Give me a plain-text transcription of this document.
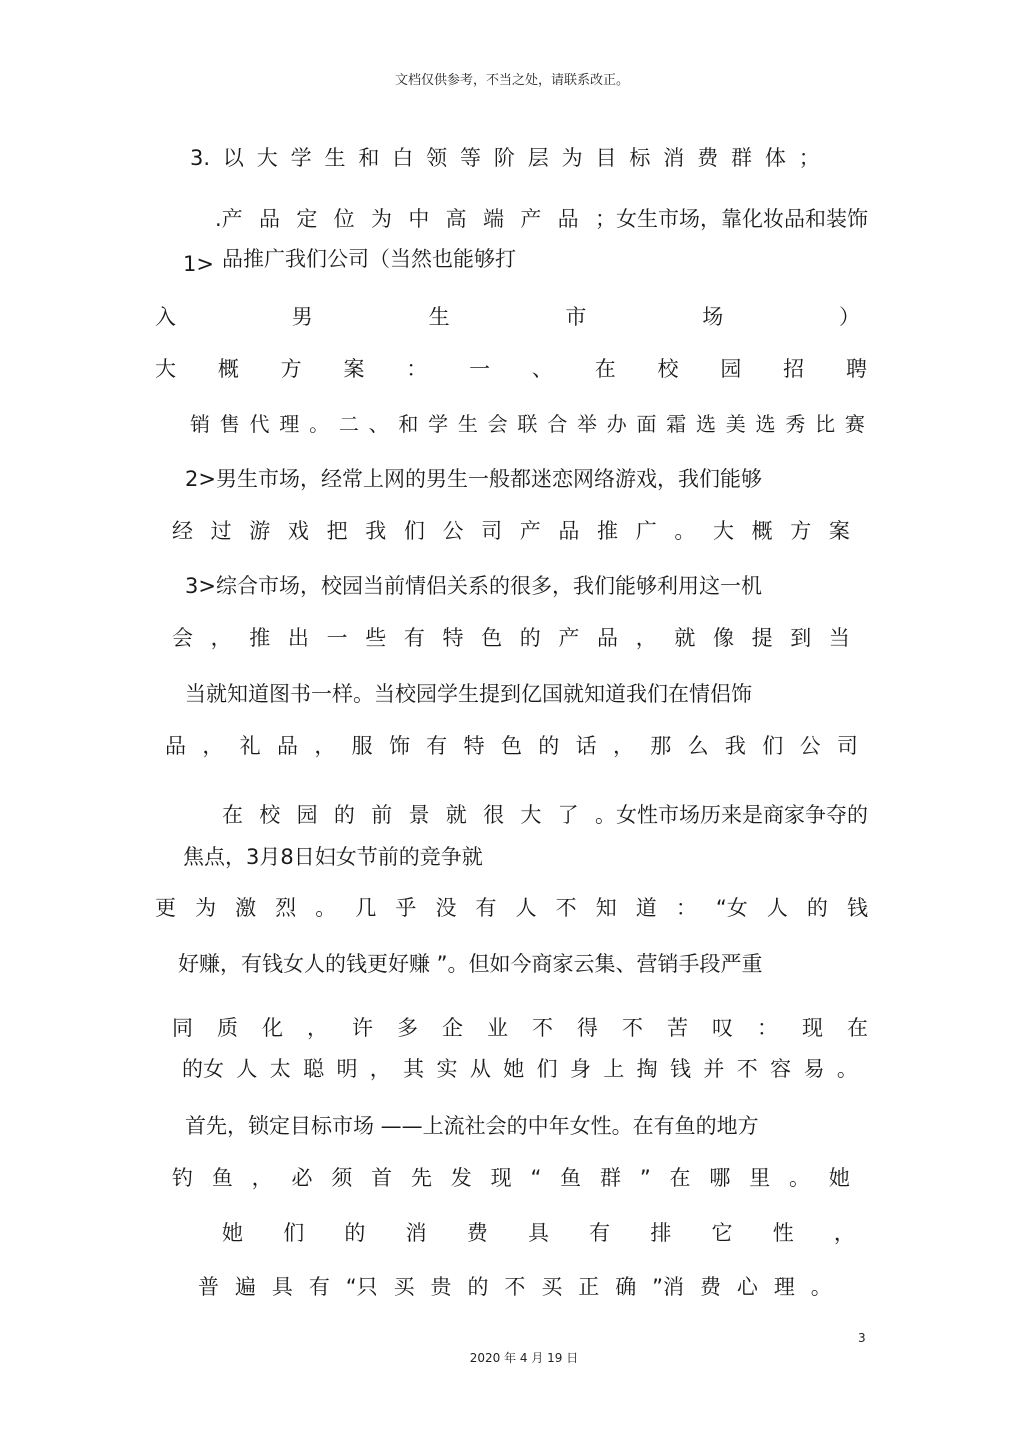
文档仅供参考，不当之处，请联系改正。
3. 以 大 学 生 和 白 领 等 阶 层 为 目 标 消 费 群 体 ；
.产 品 定 位 为 中 高 端 产 品 ；女生市场，靠化妆品和装饰
1> 品推广我们公司（当然也能够打
入	男	生	市	场	）
大 概 方 案 ： 一 、 在 校 园 招 聘
销 售 代 理 。 二 、 和 学 生 会 联 合 举 办 面 霜 选 美 选 秀 比 赛
2>男生市场，经常上网的男生一般都迷恋网络游戏，我们能够
经 过 游 戏 把 我 们 公 司 产 品 推 广 。 大 概 方 案
3>综合市场，校园当前情侣关系的很多，我们能够利用这一机
会 ， 推 出 一 些 有 特 色 的 产 品 ， 就 像 提 到 当
当就知道图书一样。当校园学生提到亿国就知道我们在情侣饰
品 ， 礼 品 ， 服 饰 有 特 色 的 话 ， 那 么 我 们 公 司
在 校 园 的 前 景 就 很 大 了 。女性市场历来是商家争夺的
焦点，3月8日妇女节前的竞争就
更 为 激 烈 。 几 乎 没 有 人 不 知 道 ： “女 人 的 钱
好赚，有钱女人的钱更好赚 ”。但如今商家云集、营销手段严重
同 质 化 ， 许 多 企 业 不 得 不 苦 叹 ： 现 在
的女 人 太 聪 明 ， 其 实 从 她 们 身 上 掏 钱 并 不 容 易 。
首先，锁定目标市场 ——上流社会的中年女性。在有鱼的地方
钓 鱼 ， 必 须 首 先 发 现 “ 鱼 群 ” 在 哪 里 。 她
她 们 的 消 费 具 有 排 它 性 ，
普 遍 具 有 “只 买 贵 的 不 买 正 确 ”消 费 心 理 。
3
2020 年 4 月 19 日
